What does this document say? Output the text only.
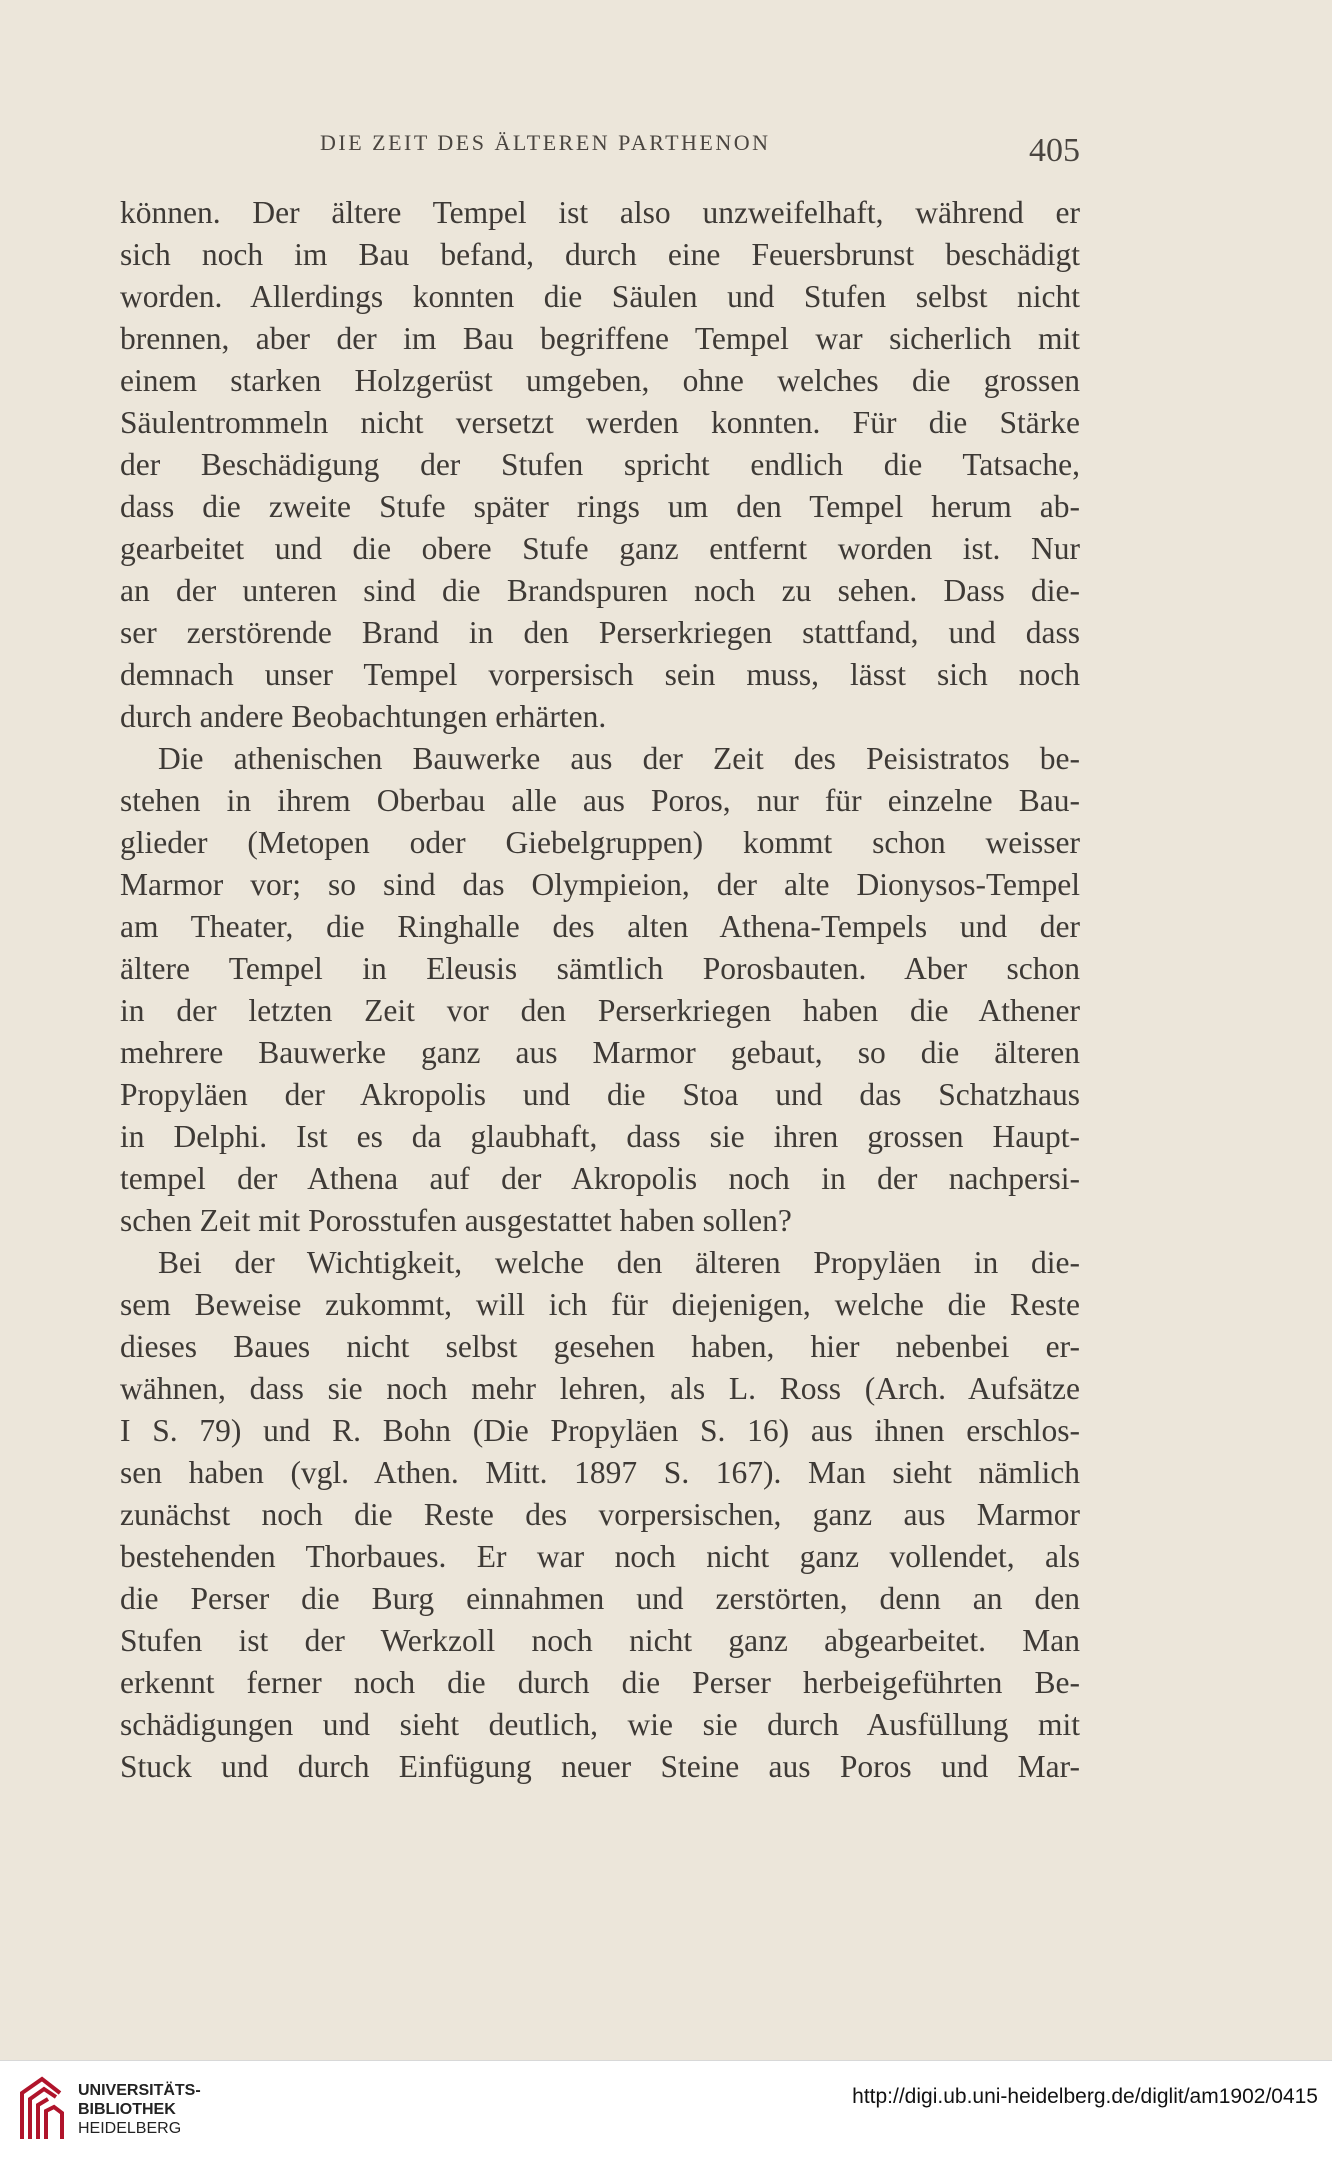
DIE ZEIT DES ÄLTEREN PARTHENON	405
können. Der ältere Tempel ist also unzweifelhaft, während er
sich noch im Bau befand, durch eine Feuersbrunst beschädigt
worden. Allerdings konnten die Säulen und Stufen selbst nicht
brennen, aber der im Bau begriffene Tempel war sicherlich mit
einem starken Holzgerüst umgeben, ohne welches die grossen
Säulentrommeln nicht versetzt werden konnten. Für die Stärke
der Beschädigung der Stufen spricht endlich die Tatsache,
dass die zweite Stufe später rings um den Tempel herum ab-
gearbeitet und die obere Stufe ganz entfernt worden ist. Nur
an der unteren sind die Brandspuren noch zu sehen. Dass die-
ser zerstörende Brand in den Perserkriegen stattfand, und dass
demnach unser Tempel vorpersisch sein muss, lässt sich noch
durch andere Beobachtungen erhärten.
Die athenischen Bauwerke aus der Zeit des Peisistratos be-
stehen in ihrem Oberbau alle aus Poros, nur für einzelne Bau-
glieder (Metopen oder Giebelgruppen) kommt schon weisser
Marmor vor; so sind das Olympieion, der alte Dionysos-Tempel
am Theater, die Ringhalle des alten Athena-Tempels und der
ältere Tempel in Eleusis sämtlich Porosbauten. Aber schon
in der letzten Zeit vor den Perserkriegen haben die Athener
mehrere Bauwerke ganz aus Marmor gebaut, so die älteren
Propyläen der Akropolis und die Stoa und das Schatzhaus
in Delphi. Ist es da glaubhaft, dass sie ihren grossen Haupt-
tempel der Athena auf der Akropolis noch in der nachpersi-
schen Zeit mit Porosstufen ausgestattet haben sollen?
Bei der Wichtigkeit, welche den älteren Propyläen in die-
sem Beweise zukommt, will ich für diejenigen, welche die Reste
dieses Baues nicht selbst gesehen haben, hier nebenbei er-
wähnen, dass sie noch mehr lehren, als L. Ross (Arch. Aufsätze
I S. 79) und R. Bohn (Die Propyläen S. 16) aus ihnen erschlos-
sen haben (vgl. Athen. Mitt. 1897 S. 167). Man sieht nämlich
zunächst noch die Reste des vorpersischen, ganz aus Marmor
bestehenden Thorbaues. Er war noch nicht ganz vollendet, als
die Perser die Burg einnahmen und zerstörten, denn an den
Stufen ist der Werkzoll noch nicht ganz abgearbeitet. Man
erkennt ferner noch die durch die Perser herbeigeführten Be-
schädigungen und sieht deutlich, wie sie durch Ausfüllung mit
Stuck und durch Einfügung neuer Steine aus Poros und Mar-
UNIVERSITÄTS-
BIBLIOTHEK
HEIDELBERG
http://digi.ub.uni-heidelberg.de/diglit/am1902/0415
